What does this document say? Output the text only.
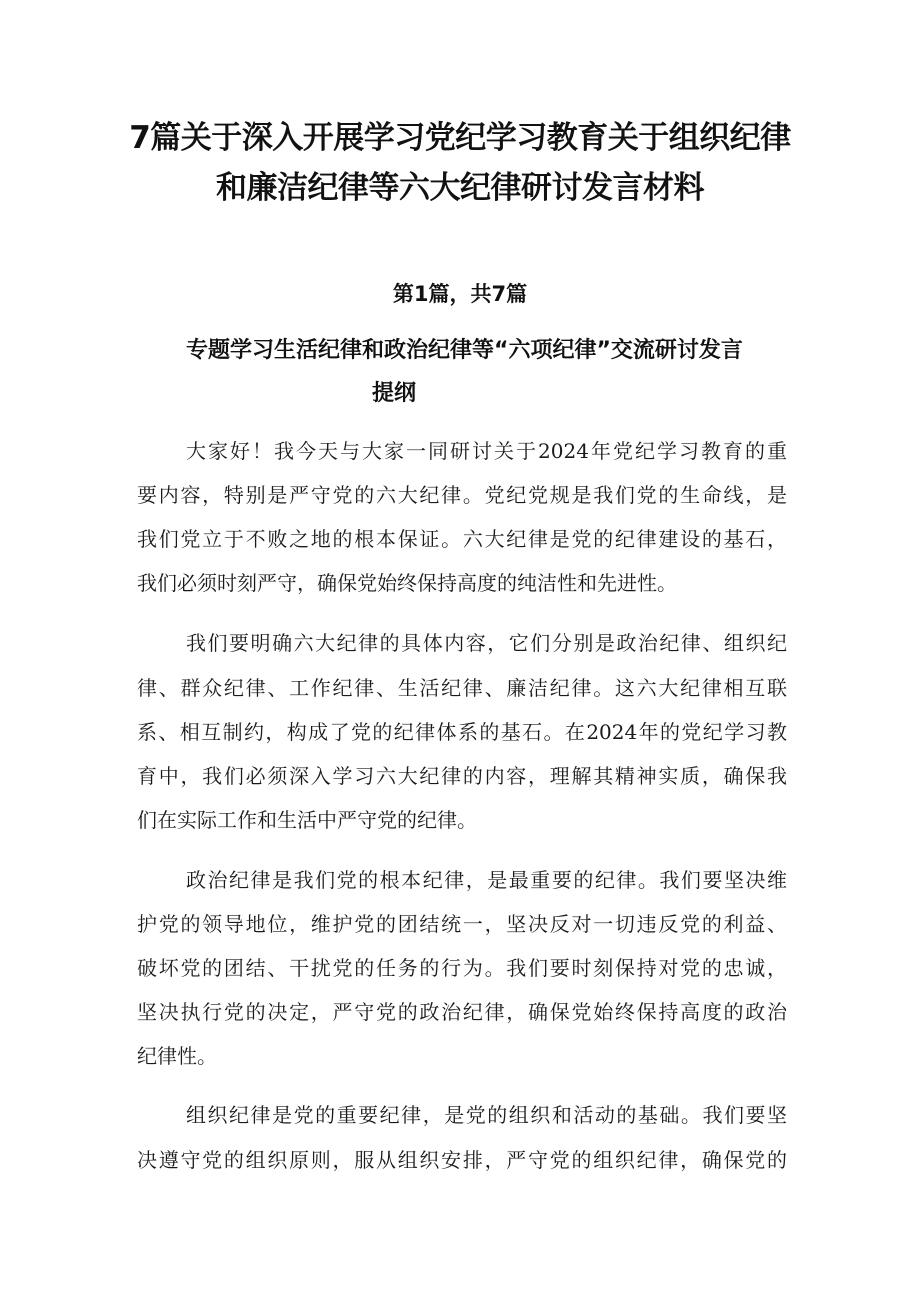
7篇关于深入开展学习党纪学习教育关于组织纪律
和廉洁纪律等六大纪律研讨发言材料
第1篇，共7篇
专题学习生活纪律和政治纪律等“六项纪律”交流研讨发言
提纲
大家好！我今天与大家一同研讨关于2024年党纪学习教育的重
要内容，特别是严守党的六大纪律。党纪党规是我们党的生命线，是
我们党立于不败之地的根本保证。六大纪律是党的纪律建设的基石，
我们必须时刻严守，确保党始终保持高度的纯洁性和先进性。
我们要明确六大纪律的具体内容，它们分别是政治纪律、组织纪
律、群众纪律、工作纪律、生活纪律、廉洁纪律。这六大纪律相互联
系、相互制约，构成了党的纪律体系的基石。在2024年的党纪学习教
育中，我们必须深入学习六大纪律的内容，理解其精神实质，确保我
们在实际工作和生活中严守党的纪律。
政治纪律是我们党的根本纪律，是最重要的纪律。我们要坚决维
护党的领导地位，维护党的团结统一，坚决反对一切违反党的利益、
破坏党的团结、干扰党的任务的行为。我们要时刻保持对党的忠诚，
坚决执行党的决定，严守党的政治纪律，确保党始终保持高度的政治
纪律性。
组织纪律是党的重要纪律，是党的组织和活动的基础。我们要坚
决遵守党的组织原则，服从组织安排，严守党的组织纪律，确保党的
